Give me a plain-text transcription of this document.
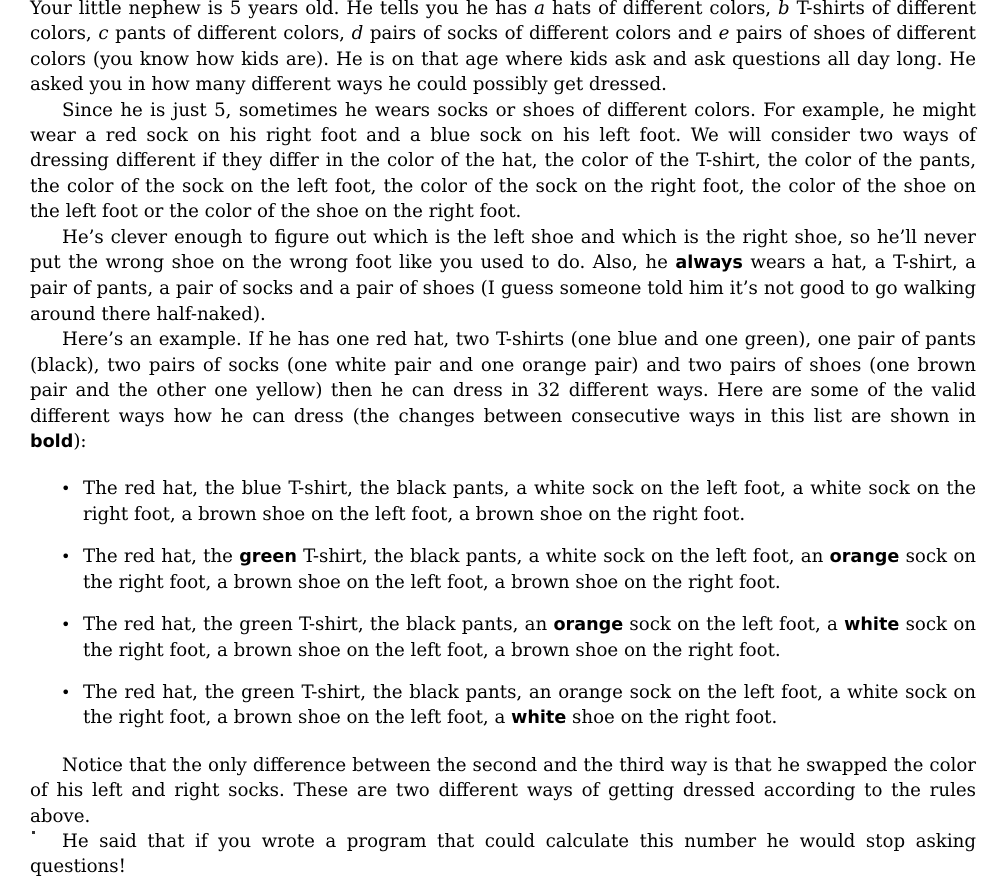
Your little nephew is 5 years old. He tells you he has a hats of different colors, b T-shirts of different colors, c pants of different colors, d pairs of socks of different colors and e pairs of shoes of different colors (you know how kids are). He is on that age where kids ask and ask questions all day long. He asked you in how many different ways he could possibly get dressed.

Since he is just 5, sometimes he wears socks or shoes of different colors. For example, he might wear a red sock on his right foot and a blue sock on his left foot. We will consider two ways of dressing different if they differ in the color of the hat, the color of the T-shirt, the color of the pants, the color of the sock on the left foot, the color of the sock on the right foot, the color of the shoe on the left foot or the color of the shoe on the right foot.

He’s clever enough to figure out which is the left shoe and which is the right shoe, so he’ll never put the wrong shoe on the wrong foot like you used to do. Also, he always wears a hat, a T-shirt, a pair of pants, a pair of socks and a pair of shoes (I guess someone told him it’s not good to go walking around there half-naked).

Here’s an example. If he has one red hat, two T-shirts (one blue and one green), one pair of pants (black), two pairs of socks (one white pair and one orange pair) and two pairs of shoes (one brown pair and the other one yellow) then he can dress in 32 different ways. Here are some of the valid different ways how he can dress (the changes between consecutive ways in this list are shown in bold):

• The red hat, the blue T-shirt, the black pants, a white sock on the left foot, a white sock on the right foot, a brown shoe on the left foot, a brown shoe on the right foot.
• The red hat, the green T-shirt, the black pants, a white sock on the left foot, an orange sock on the right foot, a brown shoe on the left foot, a brown shoe on the right foot.
• The red hat, the green T-shirt, the black pants, an orange sock on the left foot, a white sock on the right foot, a brown shoe on the left foot, a brown shoe on the right foot.
• The red hat, the green T-shirt, the black pants, an orange sock on the left foot, a white sock on the right foot, a brown shoe on the left foot, a white shoe on the right foot.

Notice that the only difference between the second and the third way is that he swapped the color of his left and right socks. These are two different ways of getting dressed according to the rules above.

He said that if you wrote a program that could calculate this number he would stop asking questions!
